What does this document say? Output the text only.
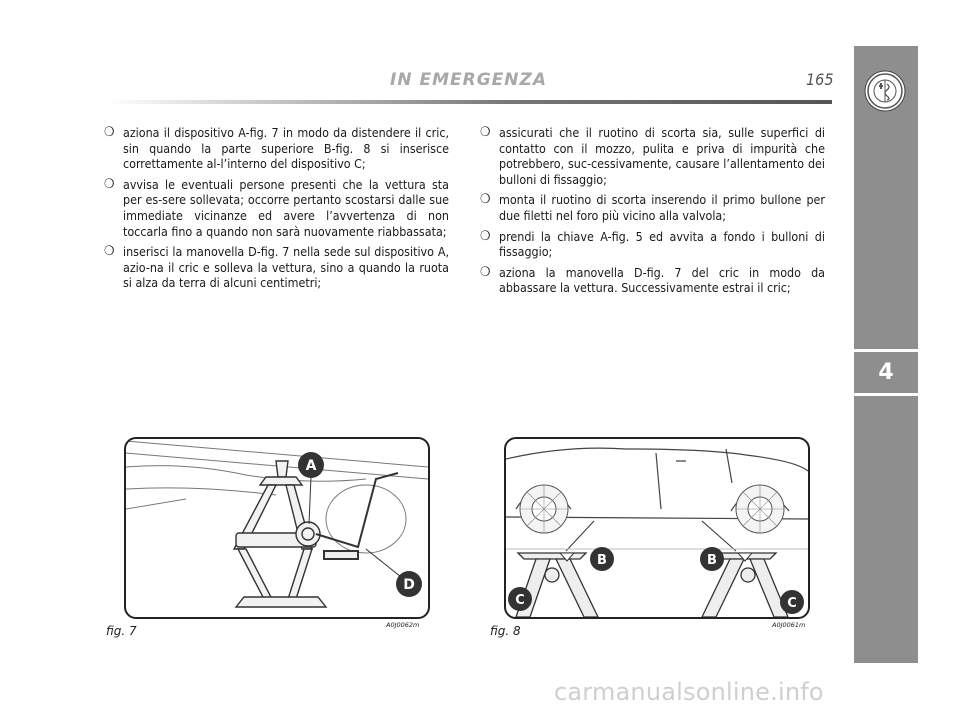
IN EMERGENZA	165
4
❍ aziona il dispositivo A-fig. 7 in modo da distendere il cric, sin quando la parte superiore B-fig. 8 si inserisce correttamente al-l’interno del dispositivo C;
❍ avvisa le eventuali persone presenti che la vettura sta per es-sere sollevata; occorre pertanto scostarsi dalle sue immediate vicinanze ed avere l’avvertenza di non toccarla fino a quando non sarà nuovamente riabbassata;
❍ inserisci la manovella D-fig. 7 nella sede sul dispositivo A, azio-na il cric e solleva la vettura, sino a quando la ruota si alza da terra di alcuni centimetri;
❍ assicurati che il ruotino di scorta sia, sulle superfici di contatto con il mozzo, pulita e priva di impurità che potrebbero, suc-cessivamente, causare l’allentamento dei bulloni di fissaggio;
❍ monta il ruotino di scorta inserendo il primo bullone per due filetti nel foro più vicino alla valvola;
❍ prendi la chiave A-fig. 5 ed avvita a fondo i bulloni di fissaggio;
❍ aziona la manovella D-fig. 7 del cric in modo da abbassare la vettura. Successivamente estrai il cric;
A
D
fig. 7	A0J0062m
B
C
B
C
fig. 8	A0J0061m
carmanualsonline.info
